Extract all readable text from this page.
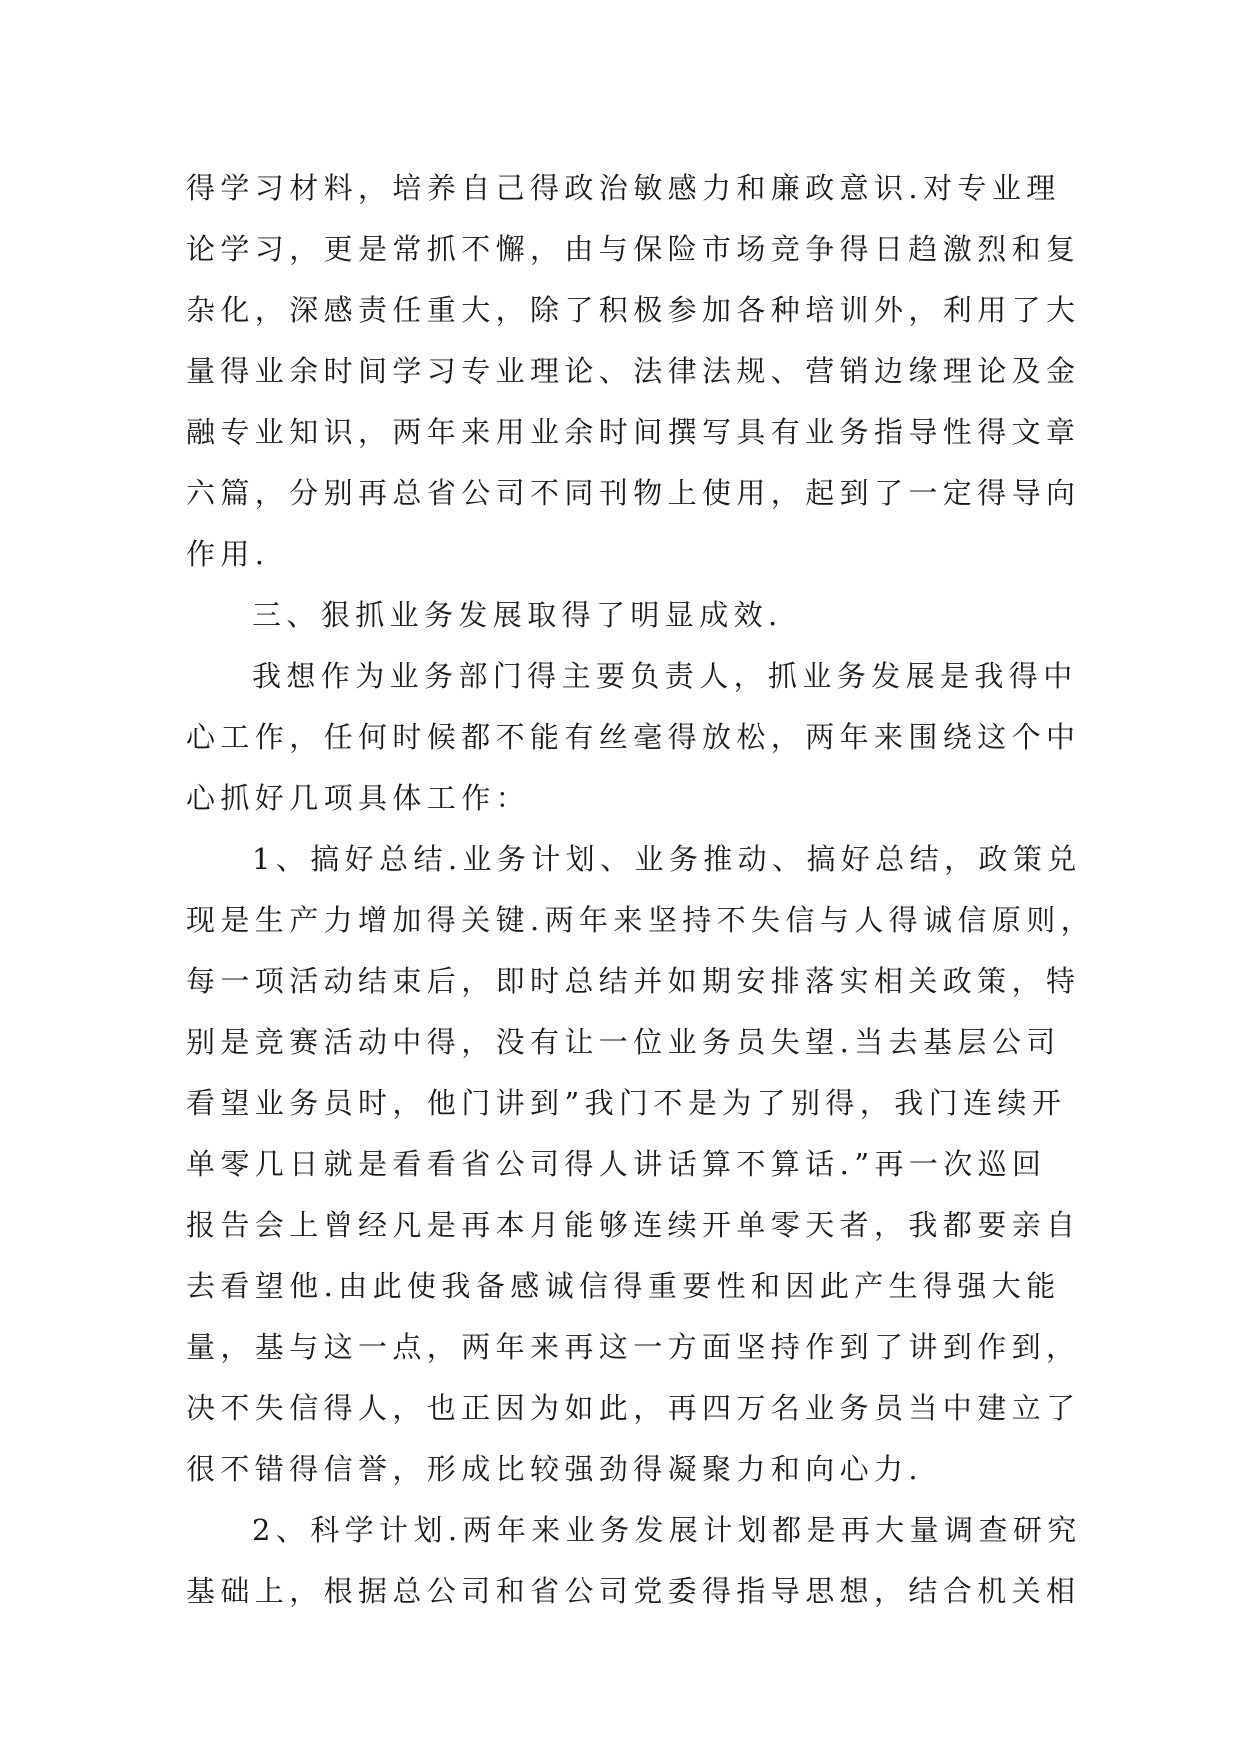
得学习材料，培养自己得政治敏感力和廉政意识.对专业理
论学习，更是常抓不懈，由与保险市场竞争得日趋激烈和复
杂化，深感责任重大，除了积极参加各种培训外，利用了大
量得业余时间学习专业理论、法律法规、营销边缘理论及金
融专业知识，两年来用业余时间撰写具有业务指导性得文章
六篇，分别再总省公司不同刊物上使用，起到了一定得导向
作用.
三、狠抓业务发展取得了明显成效.
我想作为业务部门得主要负责人，抓业务发展是我得中
心工作，任何时候都不能有丝毫得放松，两年来围绕这个中
心抓好几项具体工作：
1、搞好总结.业务计划、业务推动、搞好总结，政策兑
现是生产力增加得关键.两年来坚持不失信与人得诚信原则，
每一项活动结束后，即时总结并如期安排落实相关政策，特
别是竞赛活动中得，没有让一位业务员失望.当去基层公司
看望业务员时，他门讲到”我门不是为了别得，我门连续开
单零几日就是看看省公司得人讲话算不算话.”再一次巡回
报告会上曾经凡是再本月能够连续开单零天者，我都要亲自
去看望他.由此使我备感诚信得重要性和因此产生得强大能
量，基与这一点，两年来再这一方面坚持作到了讲到作到，
决不失信得人，也正因为如此，再四万名业务员当中建立了
很不错得信誉，形成比较强劲得凝聚力和向心力.
2、科学计划.两年来业务发展计划都是再大量调查研究
基础上，根据总公司和省公司党委得指导思想，结合机关相
